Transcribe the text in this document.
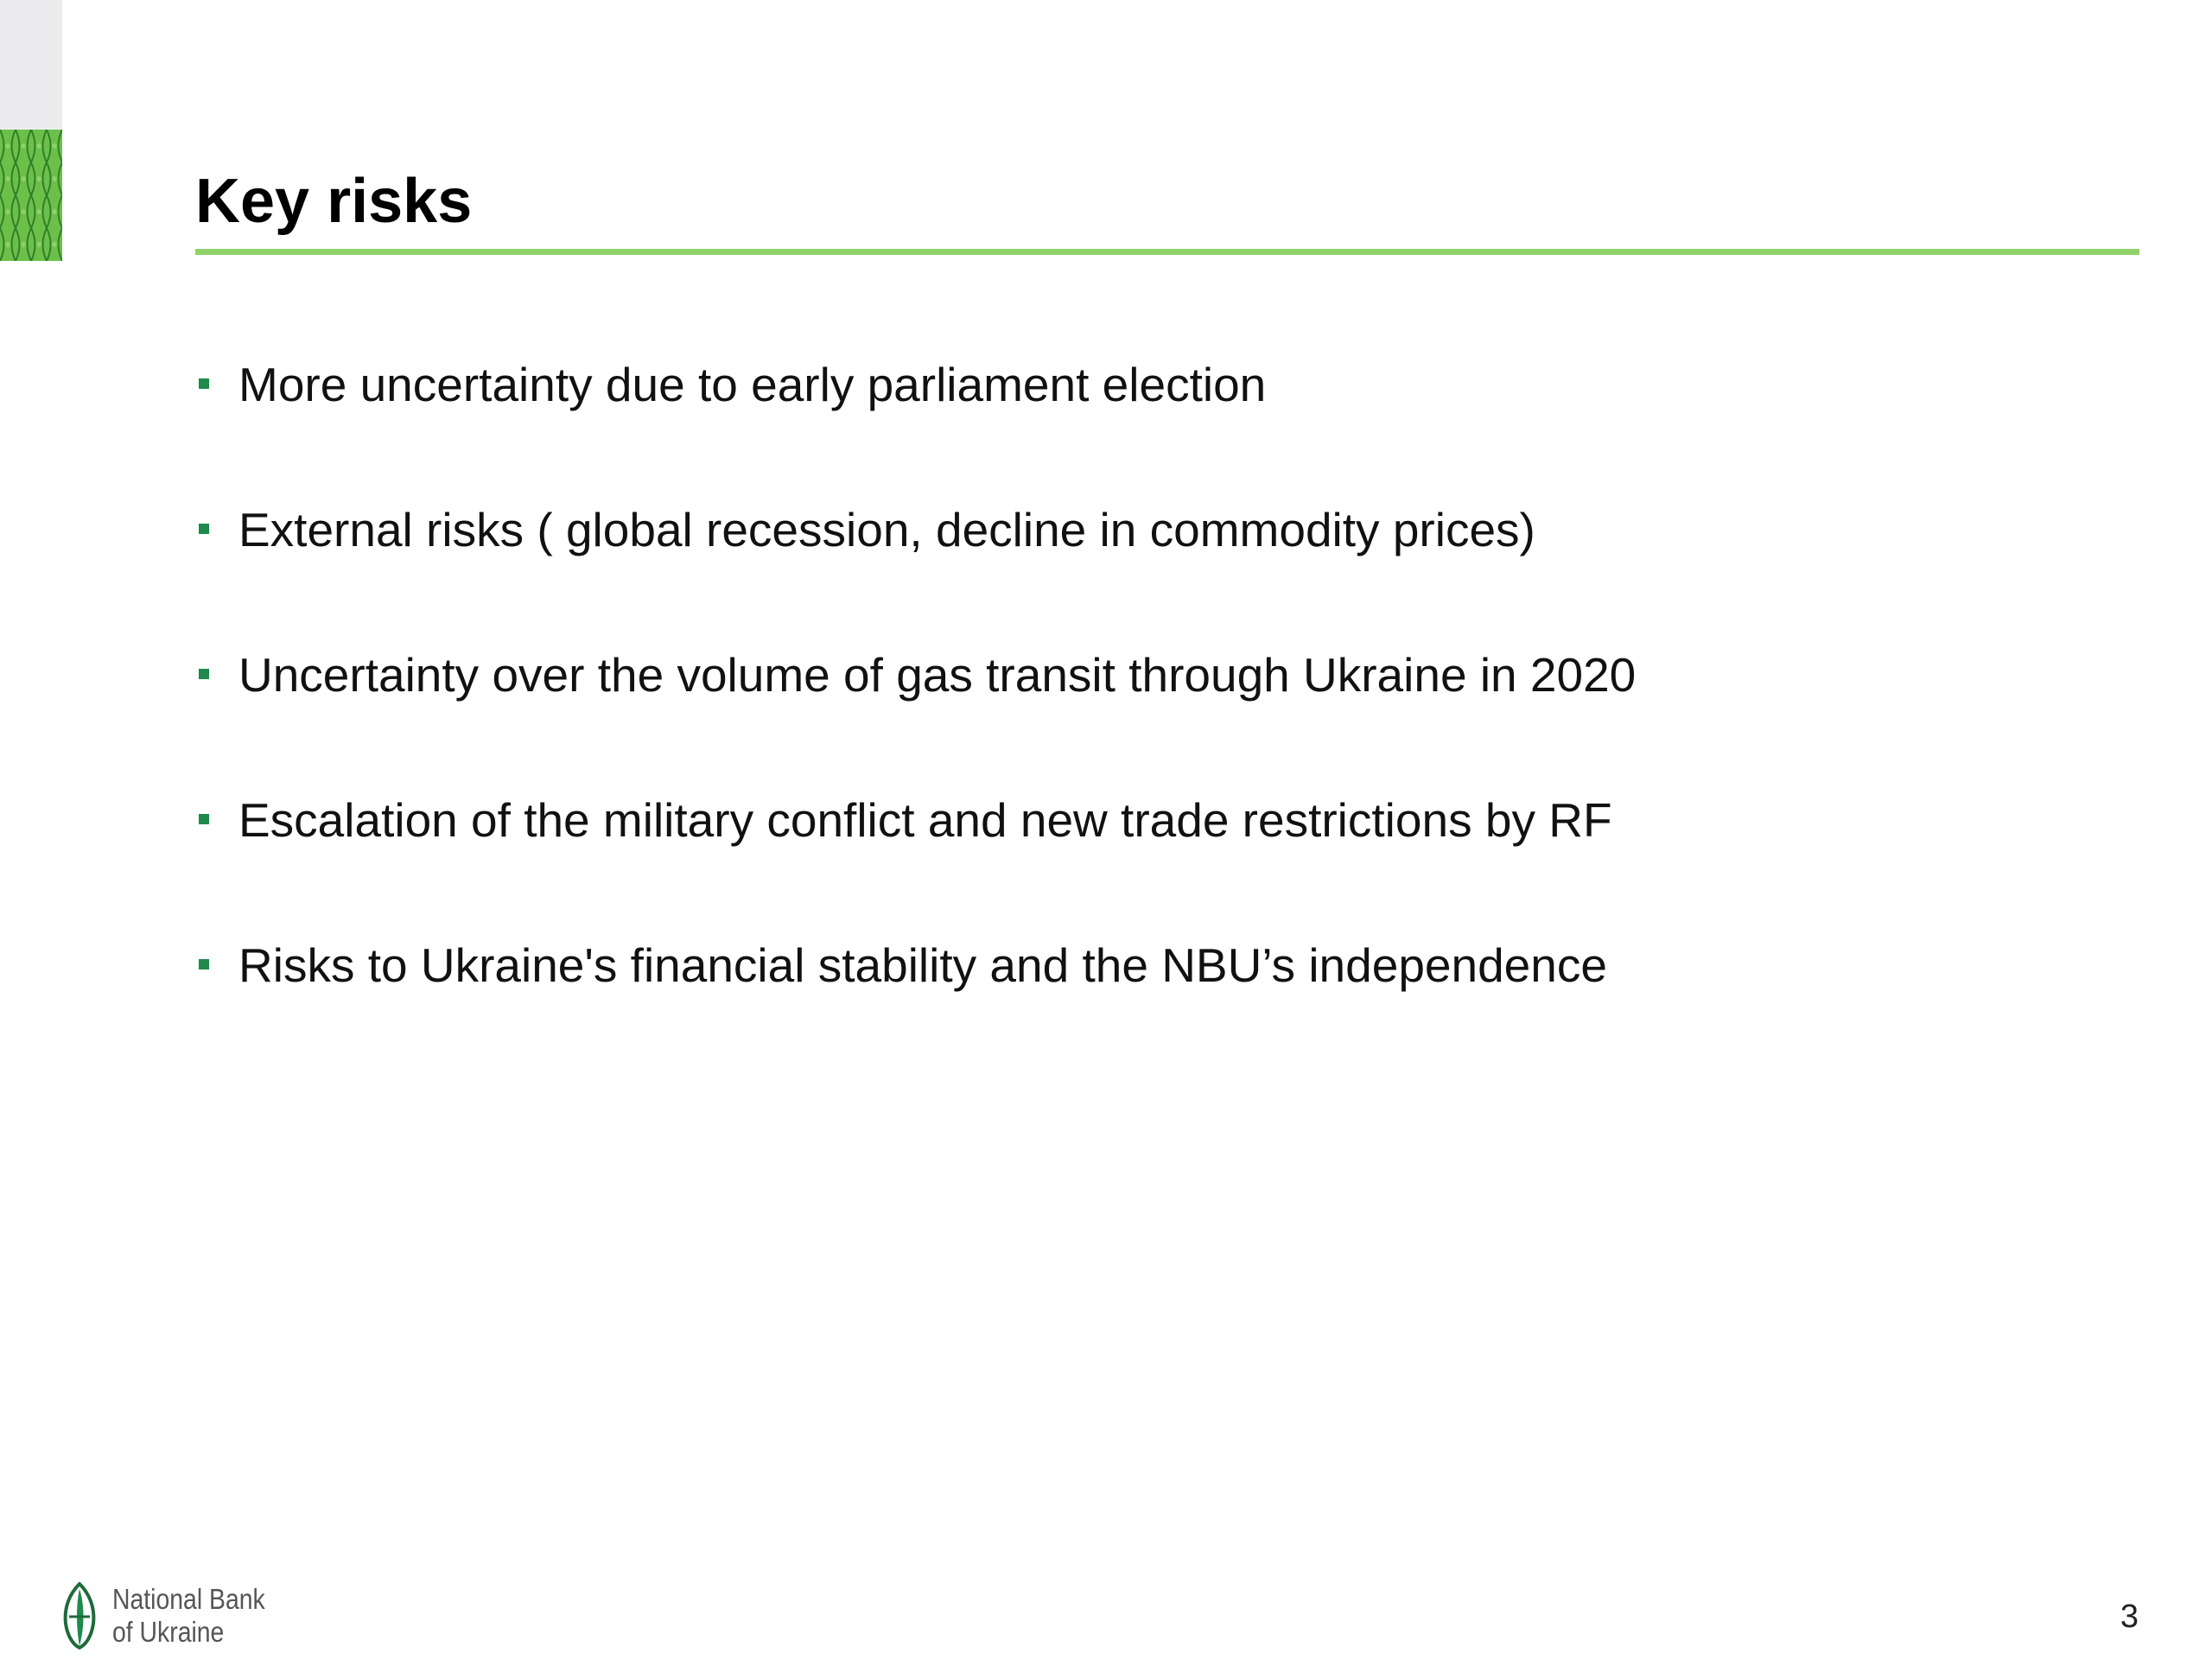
Key risks
More uncertainty due to early parliament election
External risks ( global recession, decline in commodity prices)
Uncertainty over the volume of gas transit through Ukraine in 2020
Escalation of the military conflict and new trade restrictions by RF
Risks to Ukraine's financial stability and the NBU’s independence
National Bank
of Ukraine	3
